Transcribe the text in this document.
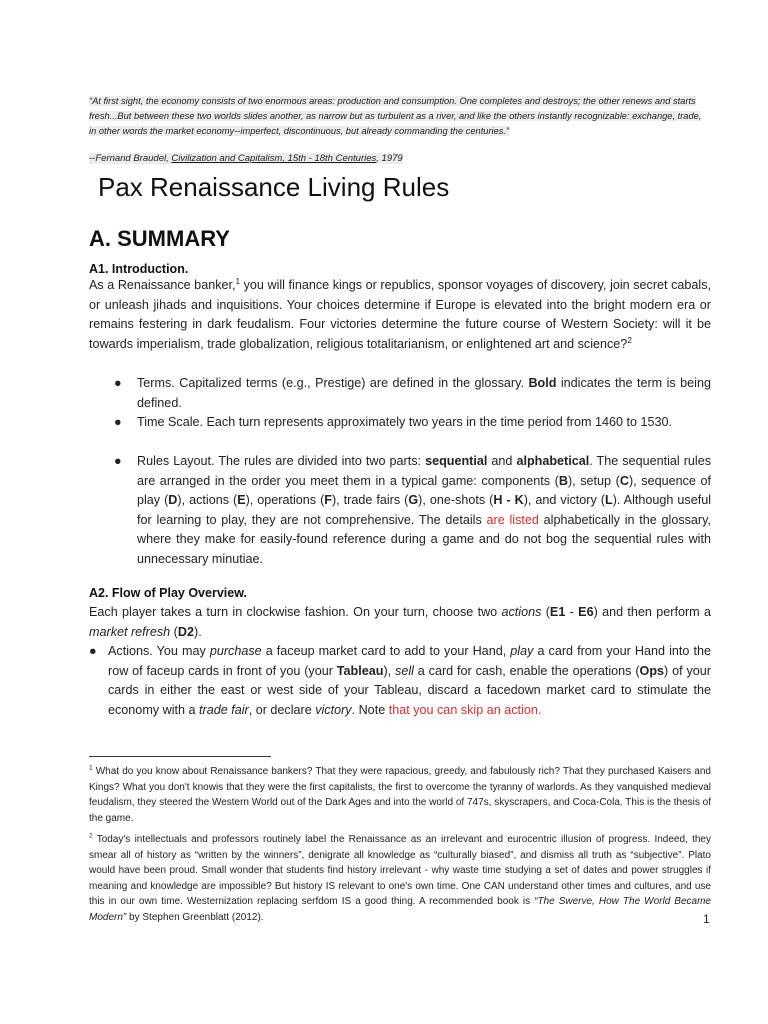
“At first sight, the economy consists of two enormous areas: production and consumption. One completes and destroys; the other renews and starts fresh...But between these two worlds slides another, as narrow but as turbulent as a river, and like the others instantly recognizable: exchange, trade, in other words the market economy--imperfect, discontinuous, but already commanding the centuries.”

--Fernand Braudel, Civilization and Capitalism, 15th - 18th Centuries, 1979

Pax Renaissance Living Rules
A. SUMMARY
A1. Introduction.

As a Renaissance banker,$^1$ you will finance kings or republics, sponsor voyages of discovery, join secret cabals, or unleash jihads and inquisitions. Your choices determine if Europe is elevated into the bright modern era or remains festering in dark feudalism. Four victories determine the future course of Western Society: will it be towards imperialism, trade globalization, religious totalitarianism, or enlightened art and science?$^2$

● Terms. Capitalized terms (e.g., Prestige) are defined in the glossary. Bold indicates the term is being defined.

● Time Scale. Each turn represents approximately two years in the time period from 1460 to 1530.

● Rules Layout. The rules are divided into two parts: sequential and alphabetical. The sequential rules are arranged in the order you meet them in a typical game: components (B), setup (C), sequence of play (D), actions (E), operations (F), trade fairs (G), one-shots (H - K), and victory (L). Although useful for learning to play, they are not comprehensive. The details are listed alphabetically in the glossary, where they make for easily-found reference during a game and do not bog the sequential rules with unnecessary minutiae.

A2. Flow of Play Overview.

Each player takes a turn in clockwise fashion. On your turn, choose two actions (E1 - E6) and then perform a market refresh (D2).

● Actions. You may purchase a faceup market card to add to your Hand, play a card from your Hand into the row of faceup cards in front of you (your Tableau), sell a card for cash, enable the operations (Ops) of your cards in either the east or west side of your Tableau, discard a facedown market card to stimulate the economy with a trade fair, or declare victory. Note that you can skip an action.

$^1$ What do you know about Renaissance bankers? That they were rapacious, greedy, and fabulously rich? That they purchased Kaisers and Kings? What you don't knowis that they were the first capitalists, the first to overcome the tyranny of warlords. As they vanquished medieval feudalism, they steered the Western World out of the Dark Ages and into the world of 747s, skyscrapers, and Coca-Cola. This is the thesis of the game.

$^2$ Today's intellectuals and professors routinely label the Renaissance as an irrelevant and eurocentric illusion of progress. Indeed, they smear all of history as “written by the winners”, denigrate all knowledge as “culturally biased”, and dismiss all truth as “subjective”. Plato would have been proud. Small wonder that students find history irrelevant - why waste time studying a set of dates and power struggles if meaning and knowledge are impossible? But history IS relevant to one's own time. One CAN understand other times and cultures, and use this in our own time. Westernization replacing serfdom IS a good thing. A recommended book is “The Swerve, How The World Became Modern” by Stephen Greenblatt (2012).	1
